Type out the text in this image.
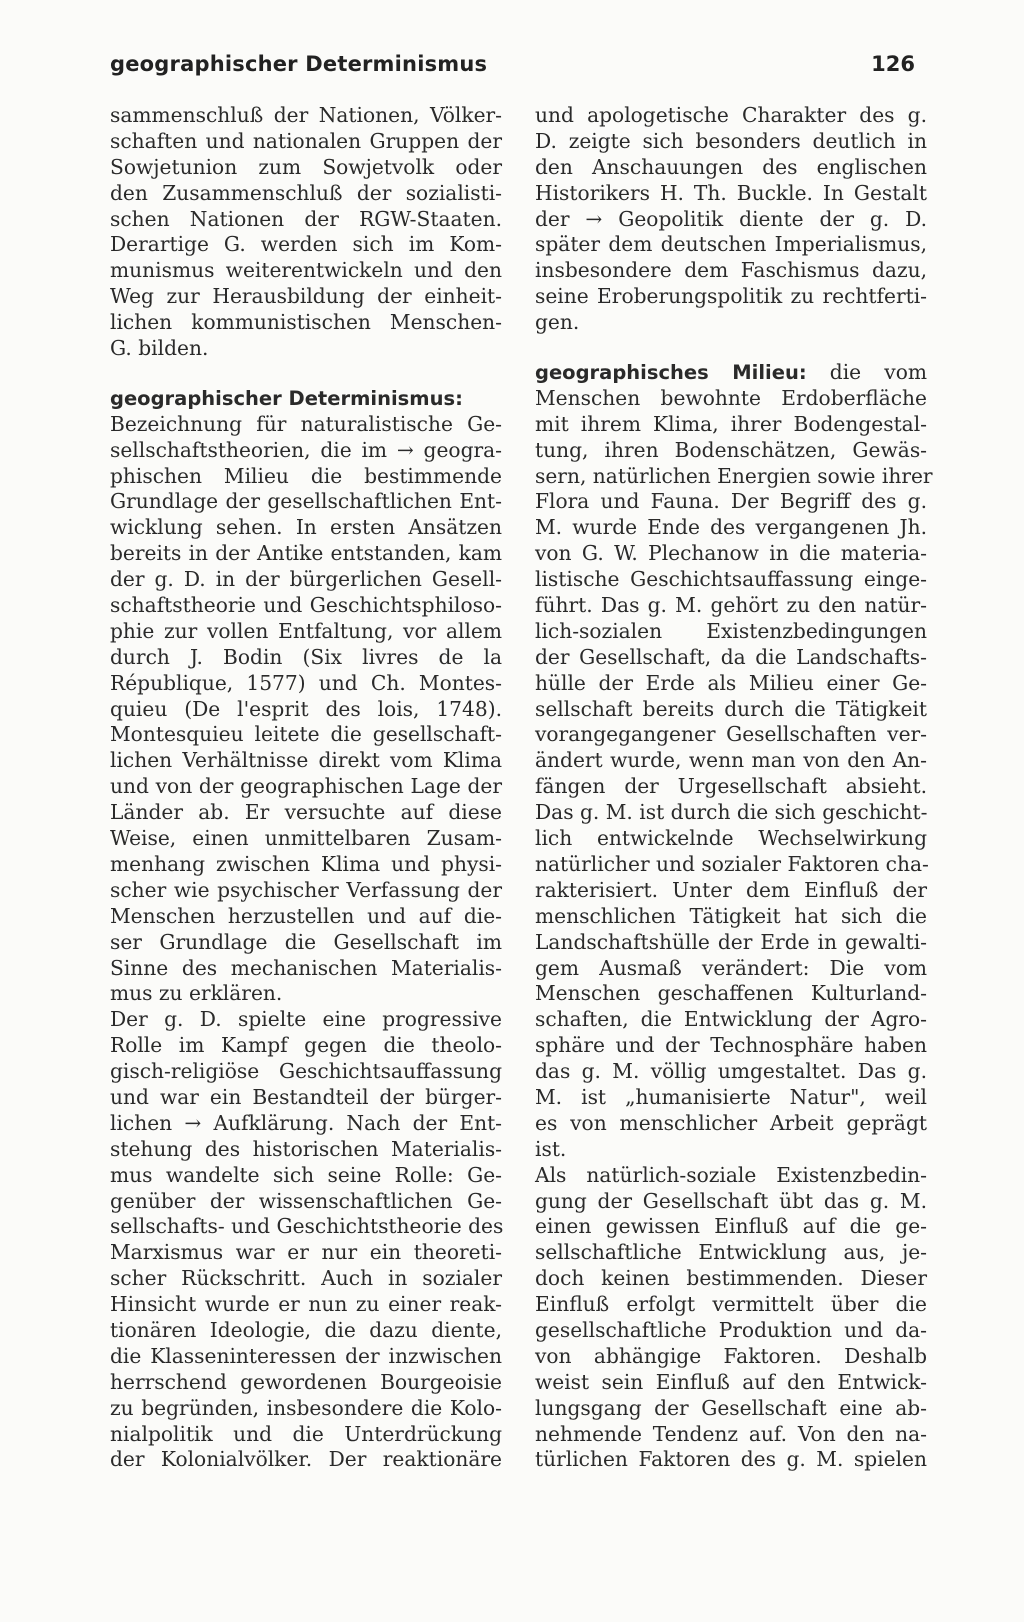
geographischer Determinismus	126
sammenschluß der Nationen, Völker-
schaften und nationalen Gruppen der
Sowjetunion zum Sowjetvolk oder
den Zusammenschluß der sozialisti-
schen Nationen der RGW-Staaten.
Derartige G. werden sich im Kom-
munismus weiterentwickeln und den
Weg zur Herausbildung der einheit-
lichen kommunistischen Menschen-
G. bilden.

geographischer Determinismus:
Bezeichnung für naturalistische Ge-
sellschaftstheorien, die im → geogra-
phischen Milieu die bestimmende
Grundlage der gesellschaftlichen Ent-
wicklung sehen. In ersten Ansätzen
bereits in der Antike entstanden, kam
der g. D. in der bürgerlichen Gesell-
schaftstheorie und Geschichtsphiloso-
phie zur vollen Entfaltung, vor allem
durch J. Bodin (Six livres de la
République, 1577) und Ch. Montes-
quieu (De l'esprit des lois, 1748).
Montesquieu leitete die gesellschaft-
lichen Verhältnisse direkt vom Klima
und von der geographischen Lage der
Länder ab. Er versuchte auf diese
Weise, einen unmittelbaren Zusam-
menhang zwischen Klima und physi-
scher wie psychischer Verfassung der
Menschen herzustellen und auf die-
ser Grundlage die Gesellschaft im
Sinne des mechanischen Materialis-
mus zu erklären.
Der g. D. spielte eine progressive
Rolle im Kampf gegen die theolo-
gisch-religiöse Geschichtsauffassung
und war ein Bestandteil der bürger-
lichen → Aufklärung. Nach der Ent-
stehung des historischen Materialis-
mus wandelte sich seine Rolle: Ge-
genüber der wissenschaftlichen Ge-
sellschafts- und Geschichtstheorie des
Marxismus war er nur ein theoreti-
scher Rückschritt. Auch in sozialer
Hinsicht wurde er nun zu einer reak-
tionären Ideologie, die dazu diente,
die Klasseninteressen der inzwischen
herrschend gewordenen Bourgeoisie
zu begründen, insbesondere die Kolo-
nialpolitik und die Unterdrückung
der Kolonialvölker. Der reaktionäre

und apologetische Charakter des g.
D. zeigte sich besonders deutlich in
den Anschauungen des englischen
Historikers H. Th. Buckle. In Gestalt
der → Geopolitik diente der g. D.
später dem deutschen Imperialismus,
insbesondere dem Faschismus dazu,
seine Eroberungspolitik zu rechtferti-
gen.

geographisches Milieu: die vom
Menschen bewohnte Erdoberfläche
mit ihrem Klima, ihrer Bodengestal-
tung, ihren Bodenschätzen, Gewäs-
sern, natürlichen Energien sowie ihrer
Flora und Fauna. Der Begriff des g.
M. wurde Ende des vergangenen Jh.
von G. W. Plechanow in die materia-
listische Geschichtsauffassung einge-
führt. Das g. M. gehört zu den natür-
lich-sozialen Existenzbedingungen
der Gesellschaft, da die Landschafts-
hülle der Erde als Milieu einer Ge-
sellschaft bereits durch die Tätigkeit
vorangegangener Gesellschaften ver-
ändert wurde, wenn man von den An-
fängen der Urgesellschaft absieht.
Das g. M. ist durch die sich geschicht-
lich entwickelnde Wechselwirkung
natürlicher und sozialer Faktoren cha-
rakterisiert. Unter dem Einfluß der
menschlichen Tätigkeit hat sich die
Landschaftshülle der Erde in gewalti-
gem Ausmaß verändert: Die vom
Menschen geschaffenen Kulturland-
schaften, die Entwicklung der Agro-
sphäre und der Technosphäre haben
das g. M. völlig umgestaltet. Das g.
M. ist „humanisierte Natur", weil
es von menschlicher Arbeit geprägt
ist.
Als natürlich-soziale Existenzbedin-
gung der Gesellschaft übt das g. M.
einen gewissen Einfluß auf die ge-
sellschaftliche Entwicklung aus, je-
doch keinen bestimmenden. Dieser
Einfluß erfolgt vermittelt über die
gesellschaftliche Produktion und da-
von abhängige Faktoren. Deshalb
weist sein Einfluß auf den Entwick-
lungsgang der Gesellschaft eine ab-
nehmende Tendenz auf. Von den na-
türlichen Faktoren des g. M. spielen
